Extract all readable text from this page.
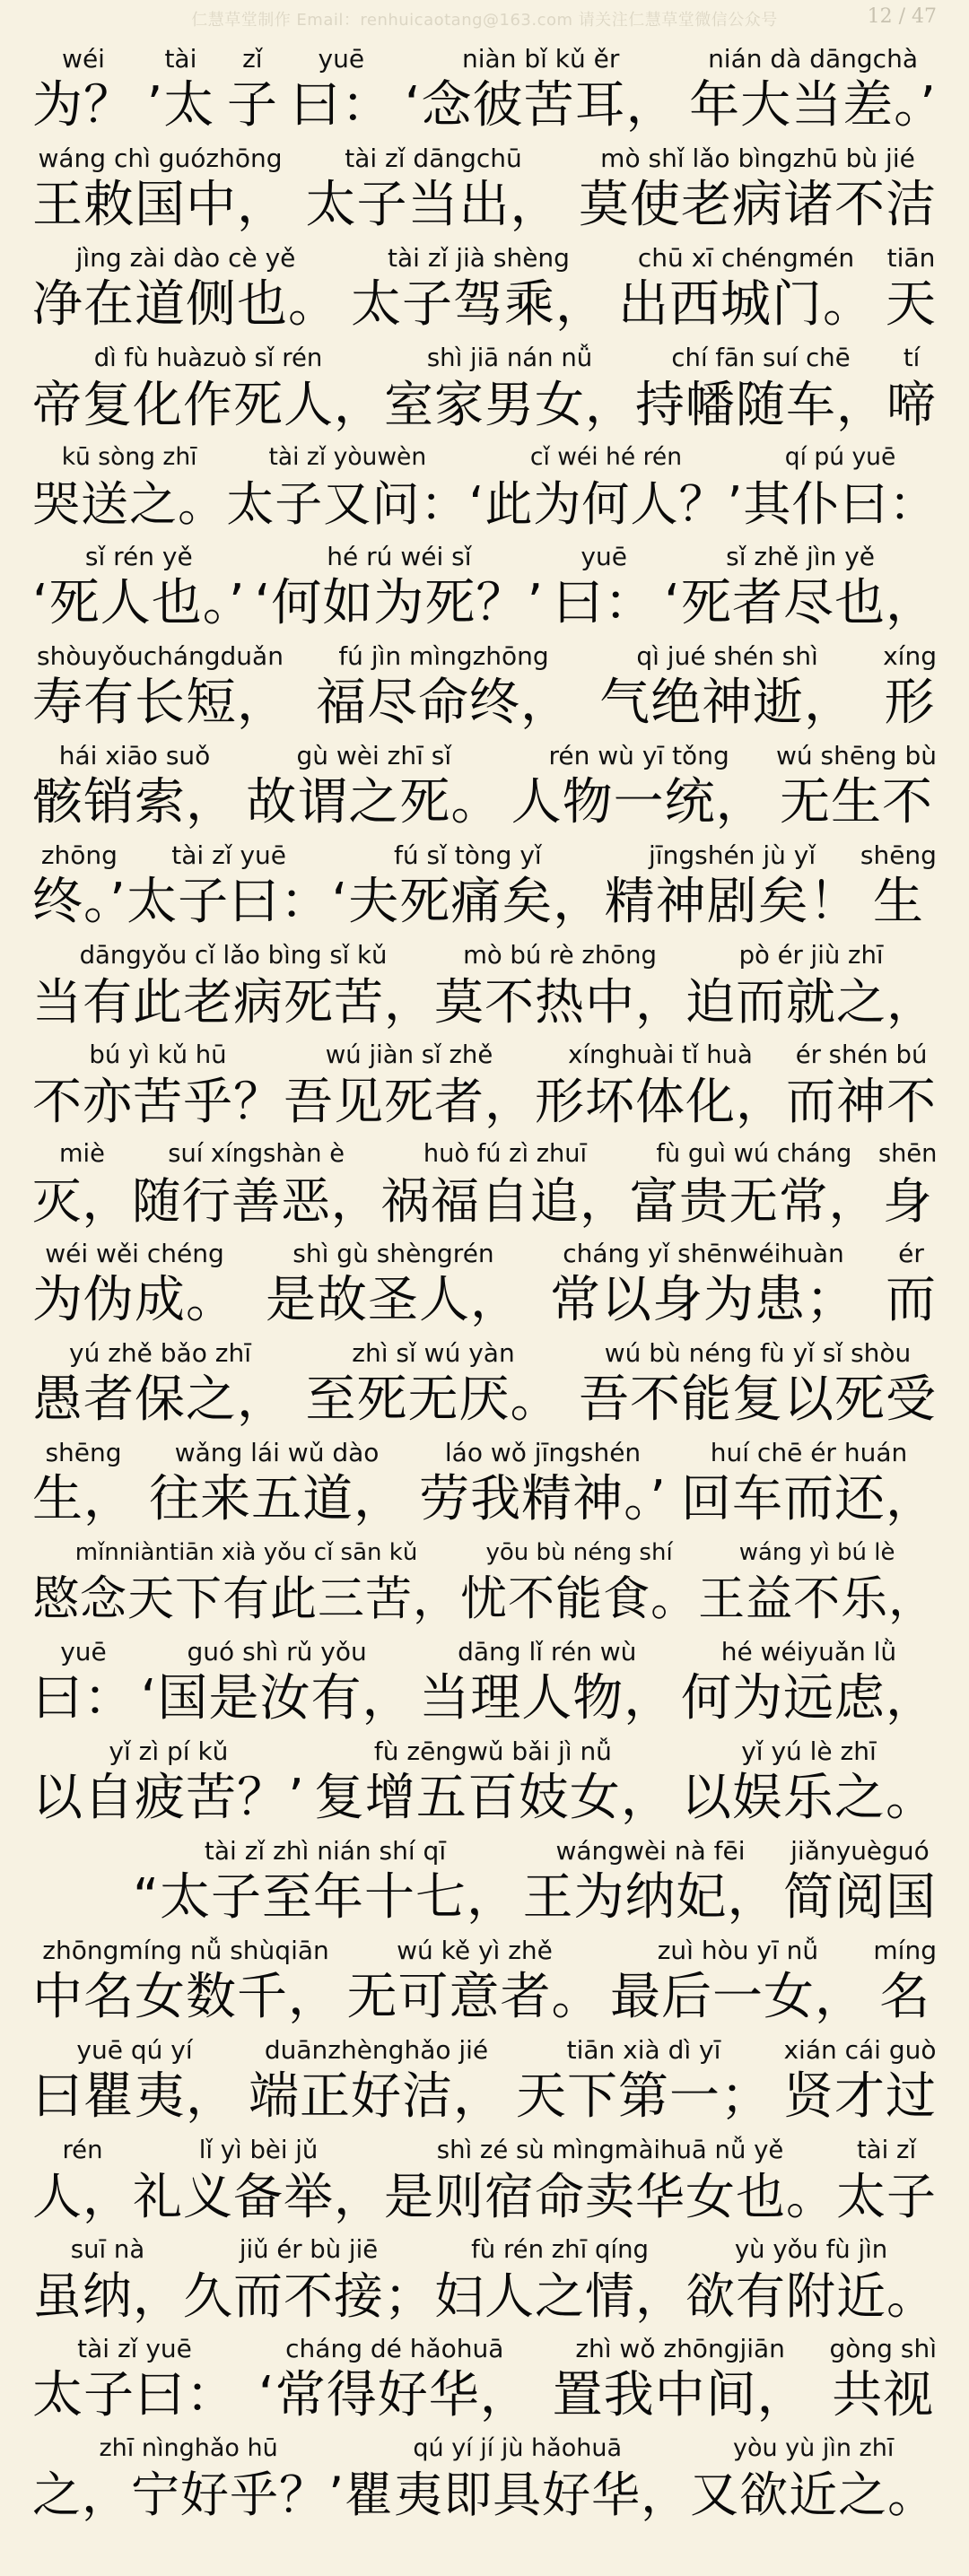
仁慧草堂制作 Email：renhuicaotang@163.com 请关注仁慧草堂微信公众号	12 / 47
wéi
为？
tài
’太
zǐ
子
yuē
曰：
niàn bǐ kǔ ěr
‘念彼苦耳，
nián dà dāngchà
年大当差。’
wáng chì guózhōng
王敕国中，
tài zǐ dāngchū
太子当出，
mò shǐ lǎo bìngzhū bù jié
莫使老病诸不洁
jìng zài dào cè yě
净在道侧也。
tài zǐ jià shèng
太子驾乘，
chū xī chéngmén
出西城门。
tiān
天
dì fù huàzuò sǐ rén
帝复化作死人，
shì jiā nán nǚ
室家男女，
chí fān suí chē
持幡随车，
tí
啼
kū sòng zhī
哭送之。
tài zǐ yòuwèn
太子又问：
cǐ wéi hé rén
‘此为何人？’
qí pú yuē
其仆曰：
sǐ rén yě
‘死人也。’
hé rú wéi sǐ
‘何如为死？’
yuē
曰：
sǐ zhě jìn yě
‘死者尽也，
shòuyǒuchángduǎn
寿有长短，
fú jìn mìngzhōng
福尽命终，
qì jué shén shì
气绝神逝，
xíng
形
hái xiāo suǒ
骸销索，
gù wèi zhī sǐ
故谓之死。
rén wù yī tǒng
人物一统，
wú shēng bù
无生不
zhōng
终。’
tài zǐ yuē
太子曰：
fú sǐ tòng yǐ
‘夫死痛矣，
jīngshén jù yǐ
精神剧矣！
shēng
生
dāngyǒu cǐ lǎo bìng sǐ kǔ
当有此老病死苦，
mò bú rè zhōng
莫不热中，
pò ér jiù zhī
迫而就之，
bú yì kǔ hū
不亦苦乎？
wú jiàn sǐ zhě
吾见死者，
xínghuài tǐ huà
形坏体化，
ér shén bú
而神不
miè
灭，
suí xíngshàn è
随行善恶，
huò fú zì zhuī
祸福自追，
fù guì wú cháng
富贵无常，
shēn
身
wéi wěi chéng
为伪成。
shì gù shèngrén
是故圣人，
cháng yǐ shēnwéihuàn
常以身为患；
ér
而
yú zhě bǎo zhī
愚者保之，
zhì sǐ wú yàn
至死无厌。
wú bù néng fù yǐ sǐ shòu
吾不能复以死受
shēng
生，
wǎng lái wǔ dào
往来五道，
láo wǒ jīngshén
劳我精神。’
huí chē ér huán
回车而还，
mǐnniàntiān xià yǒu cǐ sān kǔ
愍念天下有此三苦，
yōu bù néng shí
忧不能食。
wáng yì bú lè
王益不乐，
yuē
曰：
guó shì rǔ yǒu
‘国是汝有，
dāng lǐ rén wù
当理人物，
hé wéiyuǎn lǜ
何为远虑，
yǐ zì pí kǔ
以自疲苦？’
fù zēngwǔ bǎi jì nǚ
复增五百妓女，
yǐ yú lè zhī
以娱乐之。
tài zǐ zhì nián shí qī
“太子至年十七，
wángwèi nà fēi
王为纳妃，
jiǎnyuèguó
简阅国
zhōngmíng nǚ shùqiān
中名女数千，
wú kě yì zhě
无可意者。
zuì hòu yī nǚ
最后一女，
míng
名
yuē qú yí
曰瞿夷，
duānzhènghǎo jié
端正好洁，
tiān xià dì yī
天下第一；
xián cái guò
贤才过
rén
人，
lǐ yì bèi jǔ
礼义备举，
shì zé sù mìngmàihuā nǚ yě
是则宿命卖华女也。
tài zǐ
太子
suī nà
虽纳，
jiǔ ér bù jiē
久而不接；
fù rén zhī qíng
妇人之情，
yù yǒu fù jìn
欲有附近。
tài zǐ yuē
太子曰：
cháng dé hǎohuā
‘常得好华，
zhì wǒ zhōngjiān
置我中间，
gòng shì
共视
zhī nìnghǎo hū
之，宁好乎？’
qú yí jí jù hǎohuā
瞿夷即具好华，
yòu yù jìn zhī
又欲近之。
